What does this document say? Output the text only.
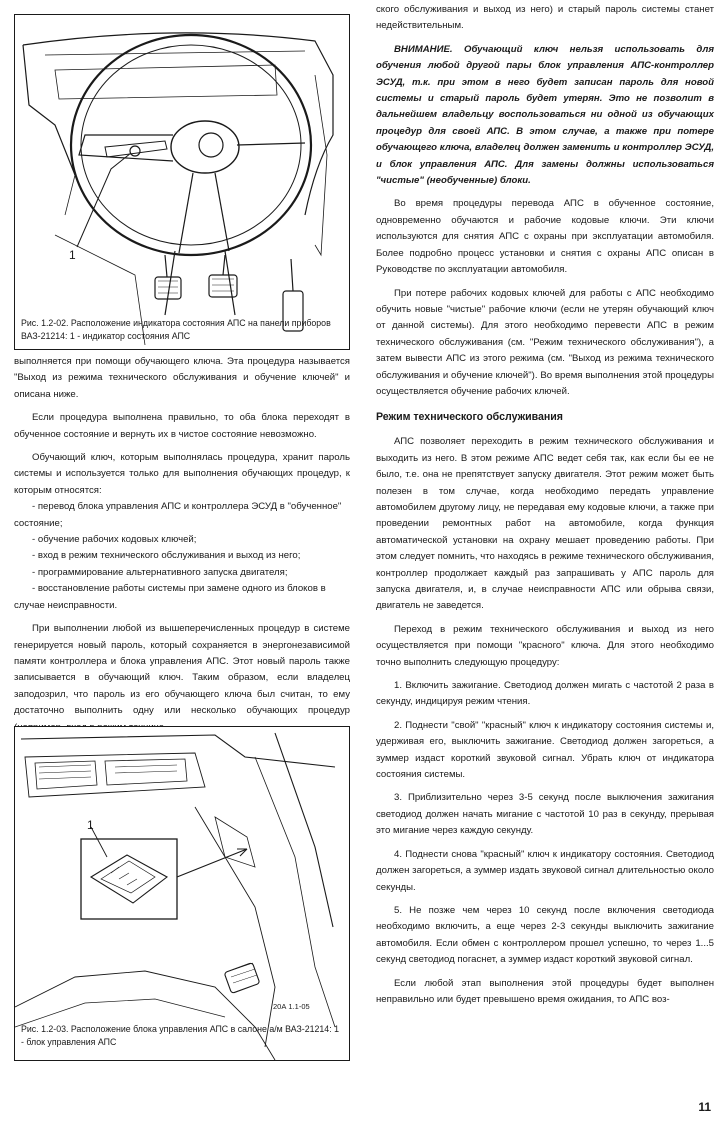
1
Рис. 1.2-02. Расположение индикатора состояния АПС на панели приборов ВАЗ-21214: 1 - индикатор состояния АПС

выполняется при помощи обучающего ключа. Эта процедура называется "Выход из режима технического обслуживания и обучение ключей" и описана ниже.

Если процедура выполнена правильно, то оба блока переходят в обученное состояние и вернуть их в чистое состояние невозможно.

Обучающий ключ, которым выполнялась процедура, хранит пароль системы и используется только для выполнения обучающих процедур, к которым относятся:

- перевод блока управления АПС и контроллера ЭСУД в "обученное" состояние;
- обучение рабочих кодовых ключей;
- вход в режим технического обслуживания и выход из него;
- программирование альтернативного запуска двигателя;
- восстановление работы системы при замене одного из блоков в случае неисправности.

При выполнении любой из вышеперечисленных процедур в системе генерируется новый пароль, который сохраняется в энергонезависимой памяти контроллера и блока управления АПС. Этот новый пароль также записывается в обучающий ключ. Таким образом, если владелец заподозрил, что пароль из его обучающего ключа был считан, то ему достаточно выполнить одну или несколько обучающих процедур

1
20А 1.1-05
Рис. 1.2-03. Расположение блока управления АПС в салоне а/м ВАЗ-21214: 1 - блок управления АПС

ского обслуживания и выход из него) и старый пароль системы станет недействительным.

ВНИМАНИЕ. Обучающий ключ нельзя использовать для обучения любой другой пары блок управления АПС-контроллер ЭСУД, т.к. при этом в него будет записан пароль для новой системы и старый пароль будет утерян. Это не позволит в дальнейшем владельцу воспользоваться ни одной из обучающих процедур для своей АПС. В этом случае, а также при потере обучающего ключа, владелец должен заменить и контроллер ЭСУД, и блок управления АПС. Для замены должны использоваться "чистые" (необученные) блоки.

Во время процедуры перевода АПС в обученное состояние, одновременно обучаются и рабочие кодовые ключи. Эти ключи используются для снятия АПС с охраны при эксплуатации автомобиля. Более подробно процесс установки и снятия с охраны АПС описан в Руководстве по эксплуатации автомобиля.

При потере рабочих кодовых ключей для работы с АПС необходимо обучить новые "чистые" рабочие ключи (если не утерян обучающий ключ от данной системы). Для этого необходимо перевести АПС в режим технического обслуживания (см. "Режим технического обслуживания"), а затем вывести АПС из этого режима (см. "Выход из режима технического обслуживания и обучение ключей"). Во время выполнения этой процедуры осуществляется обучение рабочих ключей.

Режим технического обслуживания

АПС позволяет переходить в режим технического обслуживания и выходить из него. В этом режиме АПС ведет себя так, как если бы ее не было, т.е. она не препятствует запуску двигателя. Этот режим может быть полезен в том случае, когда необходимо передать управление автомобилем другому лицу, не передавая ему кодовые ключи, а также при проведении ремонтных работ на автомобиле, когда функция автоматической установки на охрану мешает проведению работы. При этом следует помнить, что находясь в режиме технического обслуживания, контроллер продолжает каждый раз запрашивать у АПС пароль для запуска двигателя, и, в случае неисправности АПС или обрыва связи, двигатель не заведется.

Переход в режим технического обслуживания и выход из него осуществляется при помощи "красного" ключа. Для этого необходимо точно выполнить следующую процедуру:

1. Включить зажигание. Светодиод должен мигать с частотой 2 раза в секунду, индицируя режим чтения.

2. Поднести "свой" "красный" ключ к индикатору состояния системы и, удерживая его, выключить зажигание. Светодиод должен загореться, а зуммер издаст короткий звуковой сигнал. Убрать ключ от индикатора состояния системы.

3. Приблизительно через 3-5 секунд после выключения зажигания светодиод должен начать мигание с частотой 10 раз в секунду, прерывая это мигание через каждую секунду.

4. Поднести снова "красный" ключ к индикатору состояния. Светодиод должен загореться, а зуммер издать звуковой сигнал длительностью около секунды.

5. Не позже чем через 10 секунд после включения светодиода необходимо включить, а еще через 2-3 секунды выключить зажигание автомобиля. Если обмен с контроллером прошел успешно, то через 1...5 секунд светодиод погаснет, а зуммер издаст короткий звуковой сигнал.

Если любой этап выполнения этой процедуры будет выполнен неправильно или будет превышено время ожидания, то АПС воз-

11
